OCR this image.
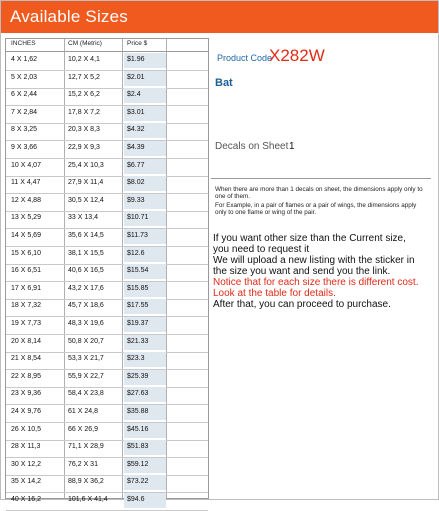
Available Sizes
INCHES	CM (Metric)	Price $
4 X 1,62	10,2 X 4,1	$1.96
5 X 2,03	12,7 X 5,2	$2.01
6 X 2,44	15,2 X 6,2	$2.4
7 X 2,84	17,8 X 7,2	$3.01
8 X 3,25	20,3 X 8,3	$4.32
9 X 3,66	22,9 X 9,3	$4.39
10 X 4,07	25,4 X 10,3	$6.77
11 X 4,47	27,9 X 11,4	$8.02
12 X 4,88	30,5 X 12,4	$9.33
13 X 5,29	33 X 13,4	$10.71
14 X 5,69	35,6 X 14,5	$11.73
15 X 6,10	38,1 X 15,5	$12.6
16 X 6,51	40,6 X 16,5	$15.54
17 X 6,91	43,2 X 17,6	$15.85
18 X 7,32	45,7 X 18,6	$17.55
19 X 7,73	48,3 X 19,6	$19.37
20 X 8,14	50,8 X 20,7	$21.33
21 X 8,54	53,3 X 21,7	$23.3
22 X 8,95	55,9 X 22,7	$25.39
23 X 9,36	58,4 X 23,8	$27.63
24 X 9,76	61 X 24,8	$35.88
26 X 10,5	66 X 26,9	$45.16
28 X 11,3	71,1 X 28,9	$51.83
30 X 12,2	76,2 X 31	$59.12
35 X 14,2	88,9 X 36,2	$73.22
40 X 16,2	101,6 X 41,4	$94.6
Product Code
X282W
Bat
Decals on Sheet 1
When there are more than 1 decals on sheet, the dimensions apply only to one of them.
For Example, in a pair of flames or a pair of wings, the dimensions apply only to one flame or wing of the pair.
If you want other size than the Current size,
you need to request it
We will upload a new listing with the sticker in
the size you want and send you the link.
Notice that for each size there is different cost.
Look at the table for details.
After that, you can proceed to purchase.
